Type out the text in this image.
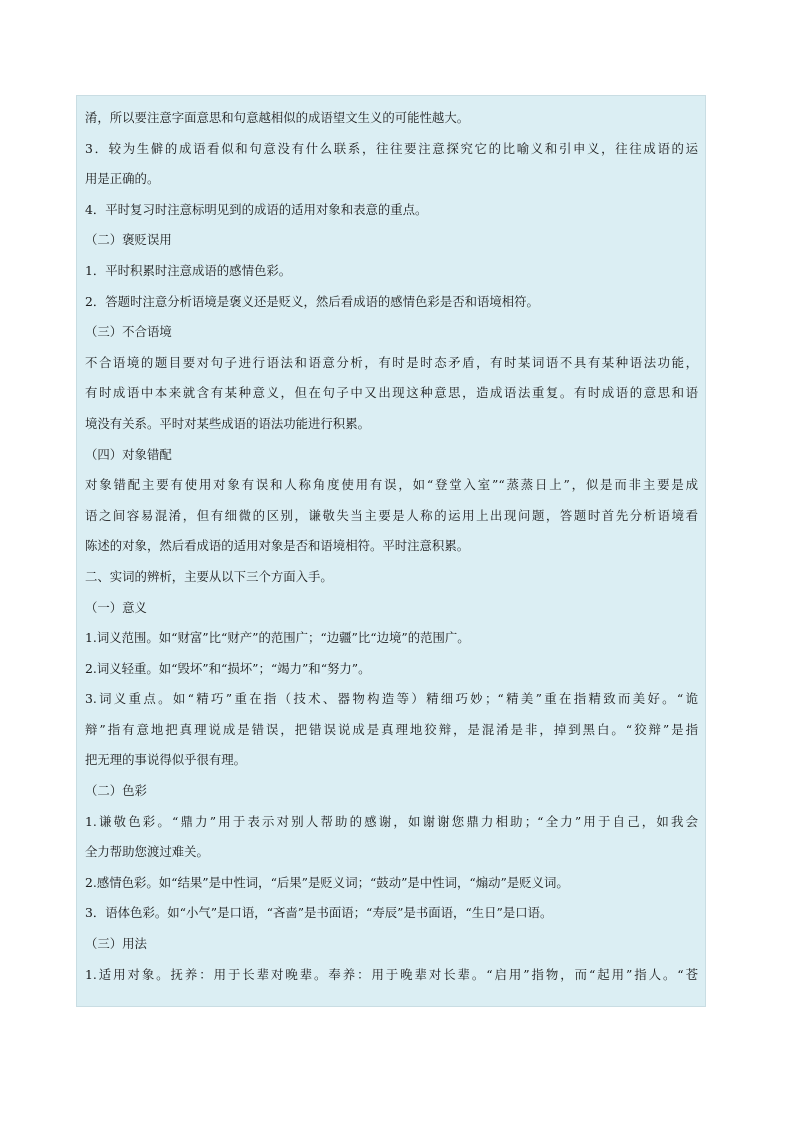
淆，所以要注意字面意思和句意越相似的成语望文生义的可能性越大。
3．较为生僻的成语看似和句意没有什么联系，往往要注意探究它的比喻义和引申义，往往成语的运
用是正确的。
4．平时复习时注意标明见到的成语的适用对象和表意的重点。
（二）褒贬误用
1．平时积累时注意成语的感情色彩。
2．答题时注意分析语境是褒义还是贬义，然后看成语的感情色彩是否和语境相符。
（三）不合语境
不合语境的题目要对句子进行语法和语意分析，有时是时态矛盾，有时某词语不具有某种语法功能，
有时成语中本来就含有某种意义，但在句子中又出现这种意思，造成语法重复。有时成语的意思和语
境没有关系。平时对某些成语的语法功能进行积累。
（四）对象错配
对象错配主要有使用对象有误和人称角度使用有误，如“登堂入室”“蒸蒸日上”，似是而非主要是成
语之间容易混淆，但有细微的区别，谦敬失当主要是人称的运用上出现问题，答题时首先分析语境看
陈述的对象，然后看成语的适用对象是否和语境相符。平时注意积累。
二、实词的辨析，主要从以下三个方面入手。
（一）意义
1.词义范围。如“财富”比“财产”的范围广；“边疆”比“边境”的范围广。
2.词义轻重。如“毁坏”和“损坏”；“竭力”和“努力”。
3.词义重点。如“精巧”重在指（技术、器物构造等）精细巧妙；“精美”重在指精致而美好。“诡
辩”指有意地把真理说成是错误，把错误说成是真理地狡辩，是混淆是非，掉到黑白。“狡辩”是指
把无理的事说得似乎很有理。
（二）色彩
1.谦敬色彩。“鼎力”用于表示对别人帮助的感谢，如谢谢您鼎力相助；“全力”用于自己，如我会
全力帮助您渡过难关。
2.感情色彩。如“结果”是中性词，“后果”是贬义词；“鼓动”是中性词，“煽动”是贬义词。
3．语体色彩。如“小气”是口语，“吝啬”是书面语；“寿辰”是书面语，“生日”是口语。
（三）用法
1.适用对象。抚养：用于长辈对晚辈。奉养：用于晚辈对长辈。“启用”指物，而“起用”指人。“苍
